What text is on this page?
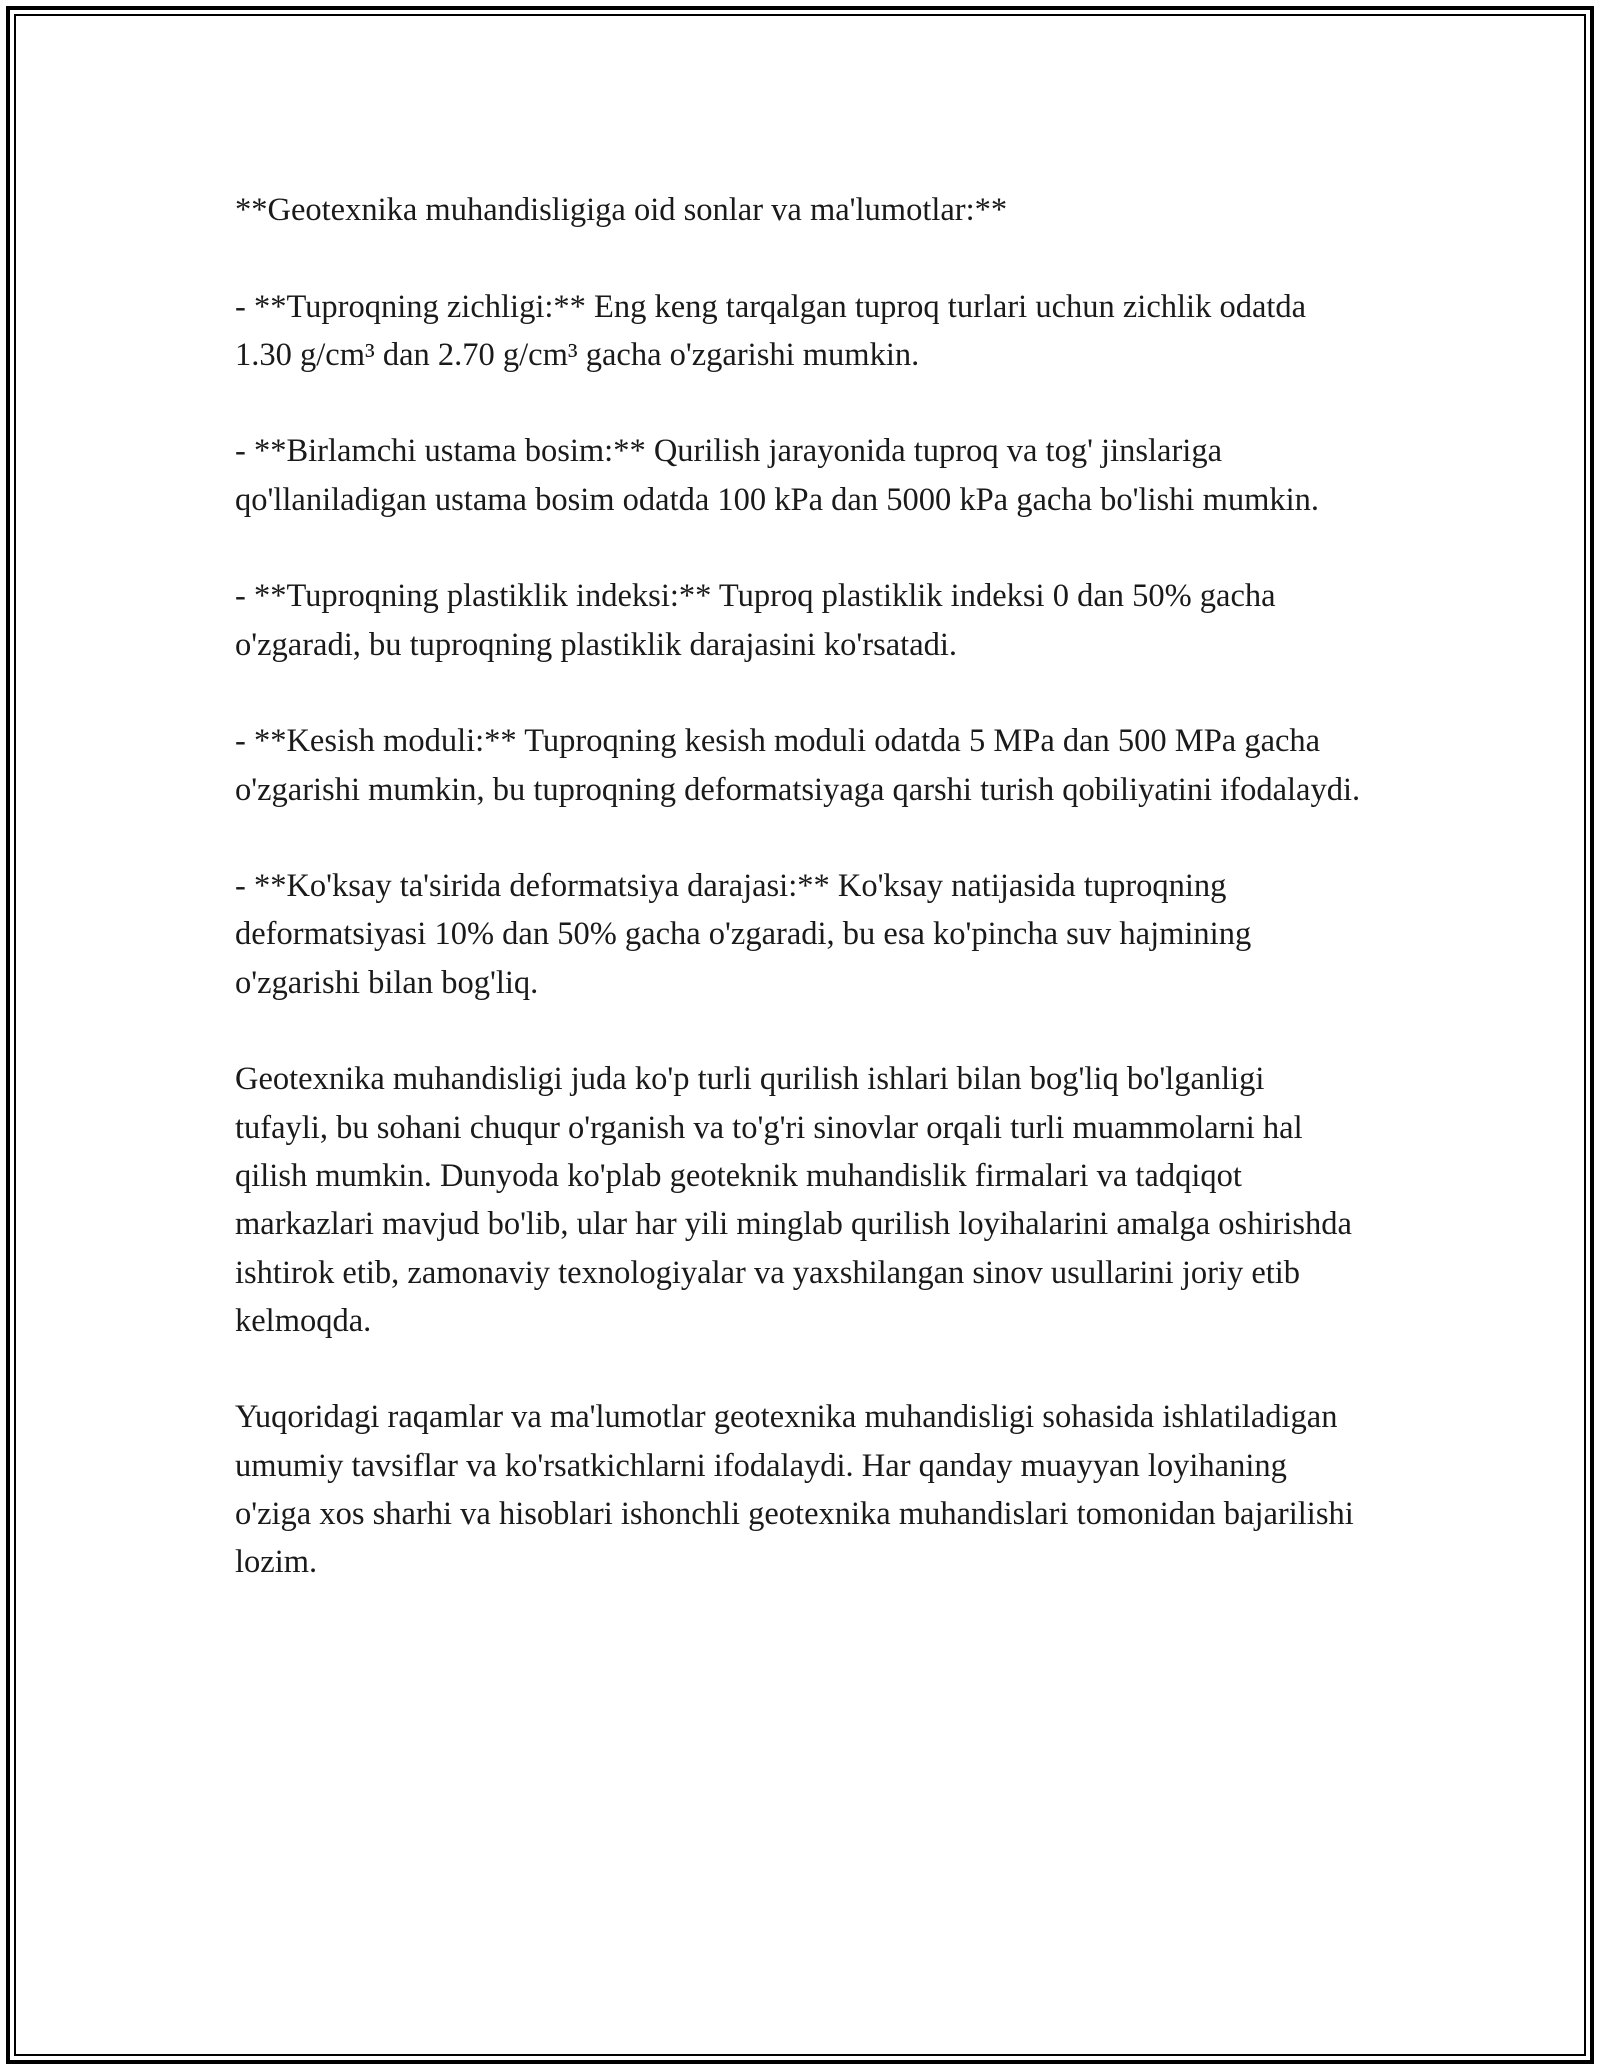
**Geotexnika muhandisligiga oid sonlar va ma'lumotlar:**

- **Tuproqning zichligi:** Eng keng tarqalgan tuproq turlari uchun zichlik odatda 1.30 g/cm³ dan 2.70 g/cm³ gacha o'zgarishi mumkin.

- **Birlamchi ustama bosim:** Qurilish jarayonida tuproq va tog' jinslariga qo'llaniladigan ustama bosim odatda 100 kPa dan 5000 kPa gacha bo'lishi mumkin.

- **Tuproqning plastiklik indeksi:** Tuproq plastiklik indeksi 0 dan 50% gacha o'zgaradi, bu tuproqning plastiklik darajasini ko'rsatadi.

- **Kesish moduli:** Tuproqning kesish moduli odatda 5 MPa dan 500 MPa gacha o'zgarishi mumkin, bu tuproqning deformatsiyaga qarshi turish qobiliyatini ifodalaydi.

- **Ko'ksay ta'sirida deformatsiya darajasi:** Ko'ksay natijasida tuproqning deformatsiyasi 10% dan 50% gacha o'zgaradi, bu esa ko'pincha suv hajmining o'zgarishi bilan bog'liq.

Geotexnika muhandisligi juda ko'p turli qurilish ishlari bilan bog'liq bo'lganligi tufayli, bu sohani chuqur o'rganish va to'g'ri sinovlar orqali turli muammolarni hal qilish mumkin. Dunyoda ko'plab geoteknik muhandislik firmalari va tadqiqot markazlari mavjud bo'lib, ular har yili minglab qurilish loyihalarini amalga oshirishda ishtirok etib, zamonaviy texnologiyalar va yaxshilangan sinov usullarini joriy etib kelmoqda.

Yuqoridagi raqamlar va ma'lumotlar geotexnika muhandisligi sohasida ishlatiladigan umumiy tavsiflar va ko'rsatkichlarni ifodalaydi. Har qanday muayyan loyihaning o'ziga xos sharhi va hisoblari ishonchli geotexnika muhandislari tomonidan bajarilishi lozim.
